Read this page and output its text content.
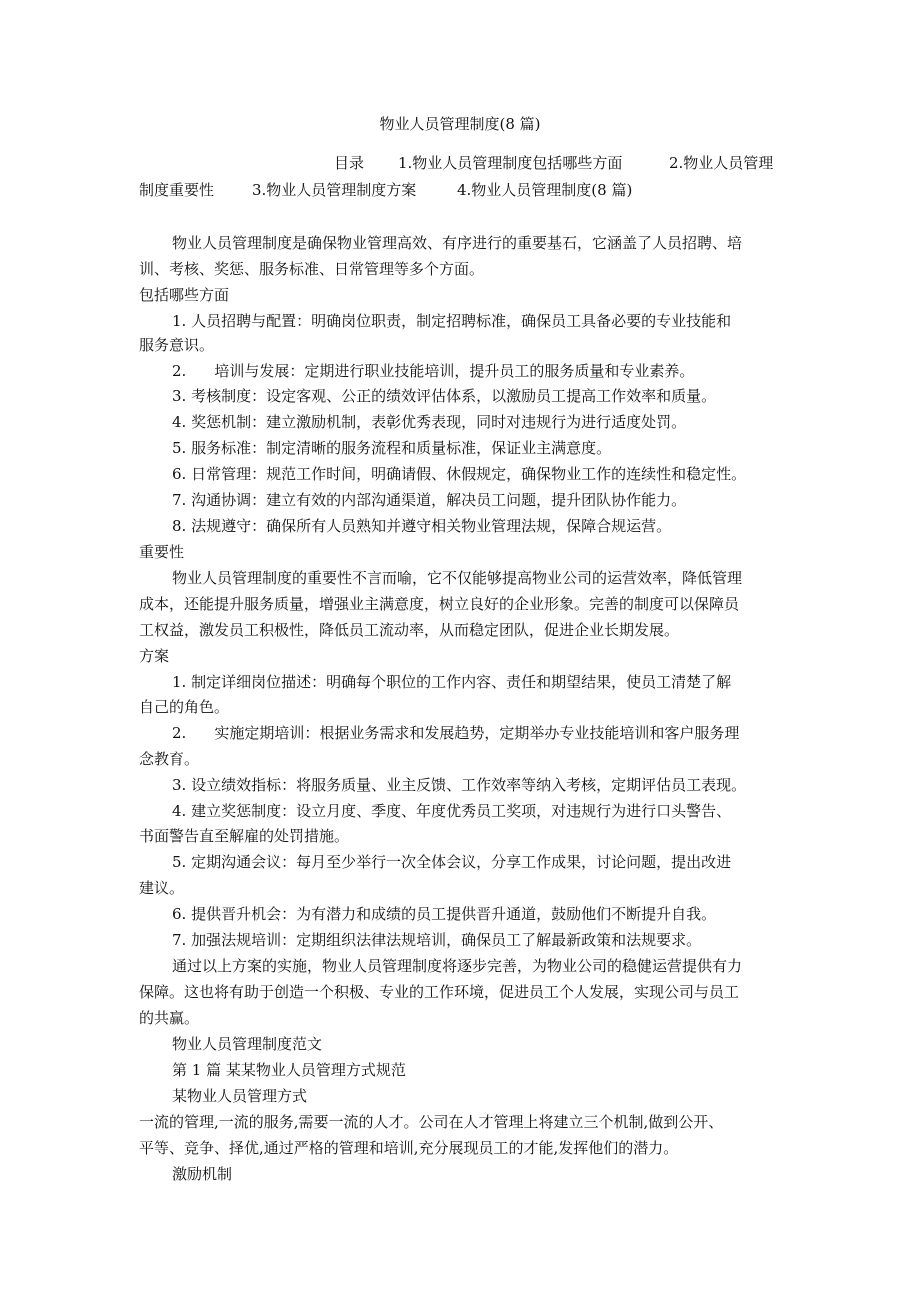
物业人员管理制度(8 篇)
目录 1.物业人员管理制度包括哪些方面	2.物业人员管理
制度重要性	3.物业人员管理制度方案	4.物业人员管理制度(8 篇)
物业人员管理制度是确保物业管理高效、有序进行的重要基石，它涵盖了人员招聘、培
训、考核、奖惩、服务标准、日常管理等多个方面。
包括哪些方面
1. 人员招聘与配置：明确岗位职责，制定招聘标准，确保员工具备必要的专业技能和
服务意识。
2. 培训与发展：定期进行职业技能培训，提升员工的服务质量和专业素养。
3. 考核制度：设定客观、公正的绩效评估体系，以激励员工提高工作效率和质量。
4. 奖惩机制：建立激励机制，表彰优秀表现，同时对违规行为进行适度处罚。
5. 服务标准：制定清晰的服务流程和质量标准，保证业主满意度。
6. 日常管理：规范工作时间，明确请假、休假规定，确保物业工作的连续性和稳定性。
7. 沟通协调：建立有效的内部沟通渠道，解决员工问题，提升团队协作能力。
8. 法规遵守：确保所有人员熟知并遵守相关物业管理法规，保障合规运营。
重要性
物业人员管理制度的重要性不言而喻，它不仅能够提高物业公司的运营效率，降低管理
成本，还能提升服务质量，增强业主满意度，树立良好的企业形象。完善的制度可以保障员
工权益，激发员工积极性，降低员工流动率，从而稳定团队，促进企业长期发展。
方案
1. 制定详细岗位描述：明确每个职位的工作内容、责任和期望结果，使员工清楚了解
自己的角色。
2. 实施定期培训：根据业务需求和发展趋势，定期举办专业技能培训和客户服务理
念教育。
3. 设立绩效指标：将服务质量、业主反馈、工作效率等纳入考核，定期评估员工表现。
4. 建立奖惩制度：设立月度、季度、年度优秀员工奖项，对违规行为进行口头警告、
书面警告直至解雇的处罚措施。
5. 定期沟通会议：每月至少举行一次全体会议，分享工作成果，讨论问题，提出改进
建议。
6. 提供晋升机会：为有潜力和成绩的员工提供晋升通道，鼓励他们不断提升自我。
7. 加强法规培训：定期组织法律法规培训，确保员工了解最新政策和法规要求。
通过以上方案的实施，物业人员管理制度将逐步完善，为物业公司的稳健运营提供有力
保障。这也将有助于创造一个积极、专业的工作环境，促进员工个人发展，实现公司与员工
的共赢。
物业人员管理制度范文
第 1 篇 某某物业人员管理方式规范
某物业人员管理方式
一流的管理,一流的服务,需要一流的人才。公司在人才管理上将建立三个机制,做到公开、
平等、竞争、择优,通过严格的管理和培训,充分展现员工的才能,发挥他们的潜力。
激励机制
